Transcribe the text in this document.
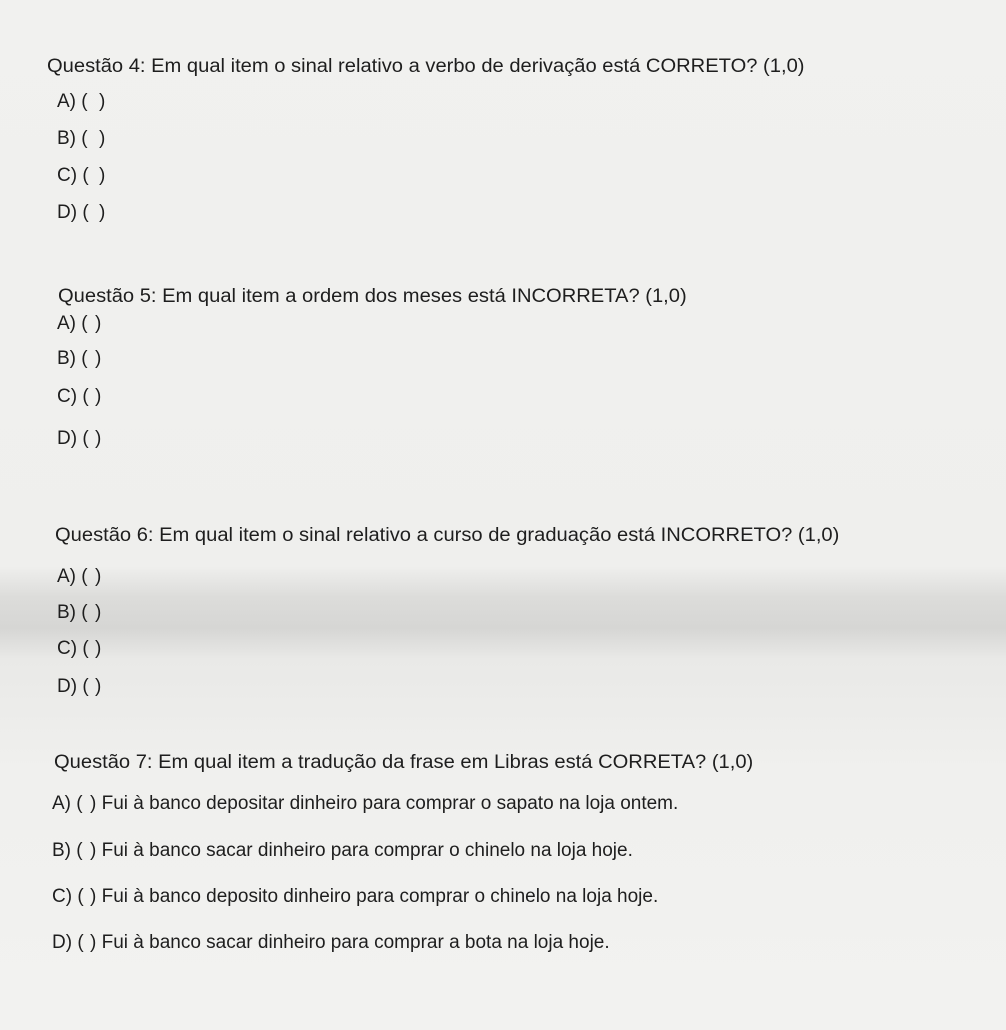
Questão 4: Em qual item o sinal relativo a verbo de derivação está CORRETO? (1,0)
A) ( )
B) ( )
C) ( )
D) ( )
Questão 5: Em qual item a ordem dos meses está INCORRETA? (1,0)
A) ( )
B) ( )
C) ( )
D) ( )
Questão 6: Em qual item o sinal relativo a curso de graduação está INCORRETO? (1,0)
A) ( )
B) ( )
C) ( )
D) ( )
Questão 7: Em qual item a tradução da frase em Libras está CORRETA? (1,0)
A) ( ) Fui à banco depositar dinheiro para comprar o sapato na loja ontem.
B) ( ) Fui à banco sacar dinheiro para comprar o chinelo na loja hoje.
C) ( ) Fui à banco deposito dinheiro para comprar o chinelo na loja hoje.
D) ( ) Fui à banco sacar dinheiro para comprar a bota na loja hoje.
